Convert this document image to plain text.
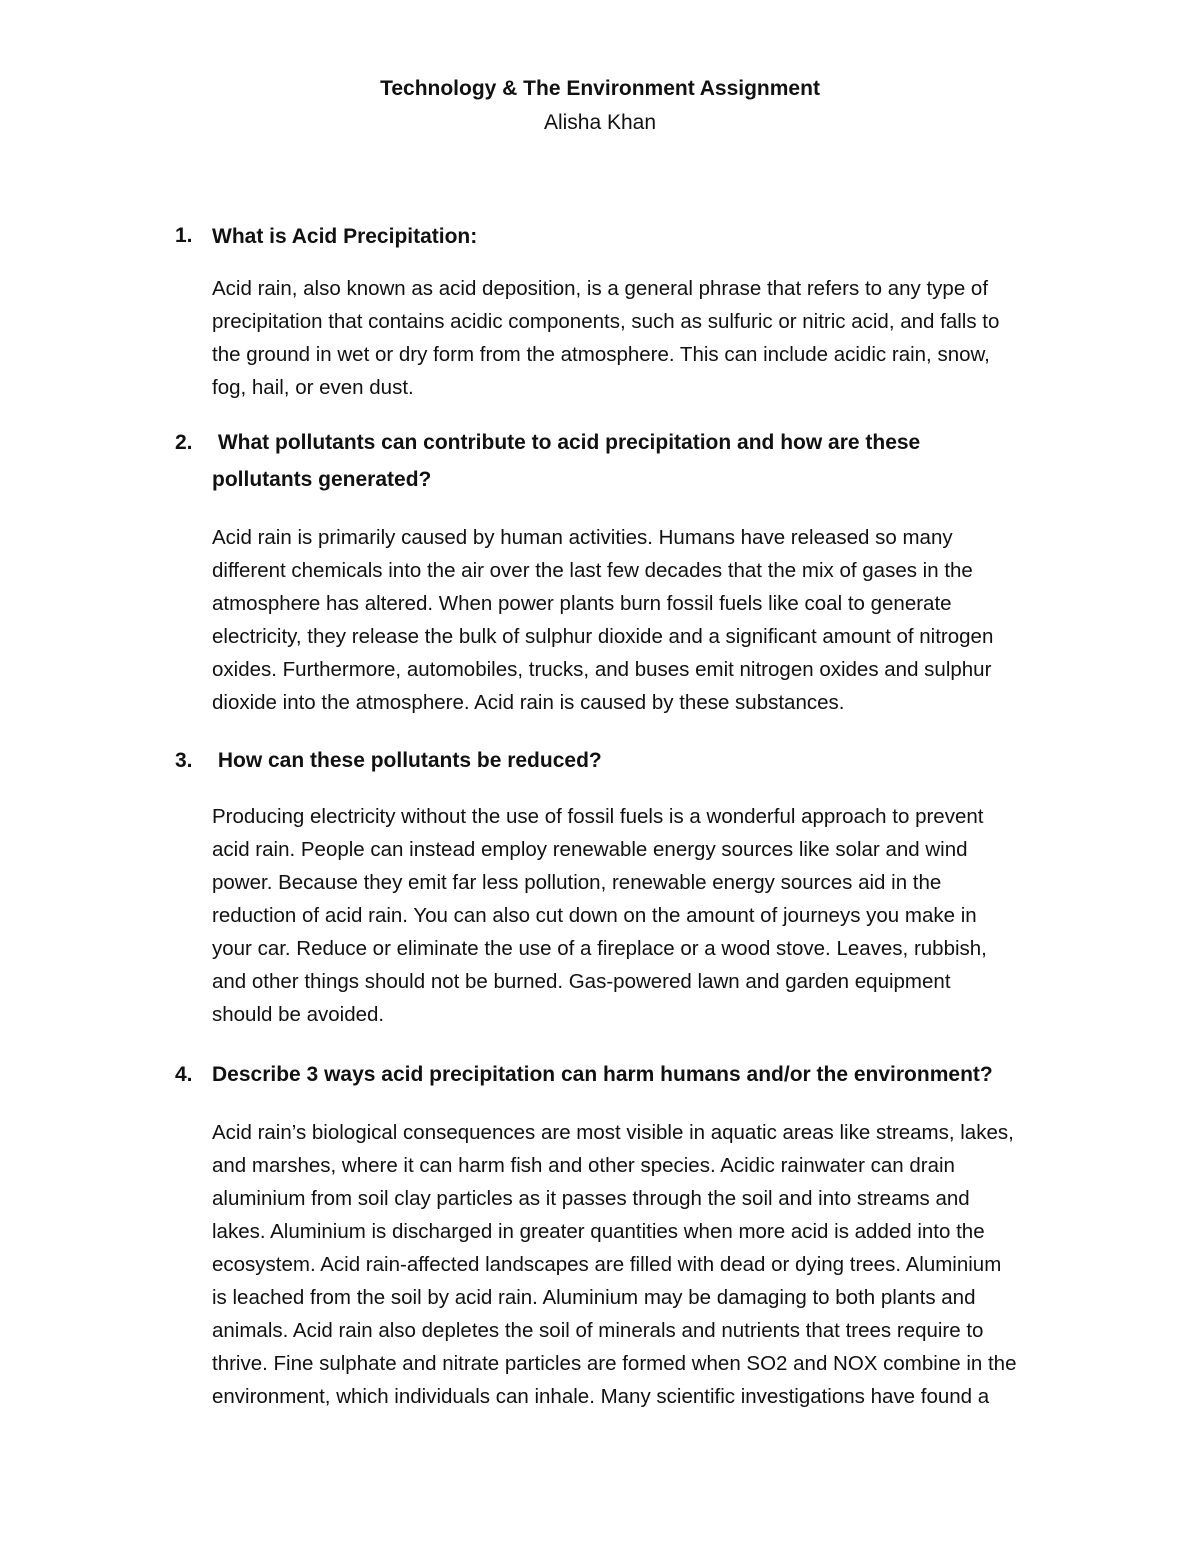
Technology & The Environment Assignment

Alisha Khan

1. What is Acid Precipitation:

Acid rain, also known as acid deposition, is a general phrase that refers to any type of
precipitation that contains acidic components, such as sulfuric or nitric acid, and falls to
the ground in wet or dry form from the atmosphere. This can include acidic rain, snow,
fog, hail, or even dust.

2. What pollutants can contribute to acid precipitation and how are these
pollutants generated?
Acid rain is primarily caused by human activities. Humans have released so many
different chemicals into the air over the last few decades that the mix of gases in the
atmosphere has altered. When power plants burn fossil fuels like coal to generate
electricity, they release the bulk of sulphur dioxide and a significant amount of nitrogen
oxides. Furthermore, automobiles, trucks, and buses emit nitrogen oxides and sulphur
dioxide into the atmosphere. Acid rain is caused by these substances.

3. How can these pollutants be reduced?

Producing electricity without the use of fossil fuels is a wonderful approach to prevent
acid rain. People can instead employ renewable energy sources like solar and wind
power. Because they emit far less pollution, renewable energy sources aid in the
reduction of acid rain. You can also cut down on the amount of journeys you make in
your car. Reduce or eliminate the use of a fireplace or a wood stove. Leaves, rubbish,
and other things should not be burned. Gas-powered lawn and garden equipment
should be avoided.

4. Describe 3 ways acid precipitation can harm humans and/or the environment?

Acid rain’s biological consequences are most visible in aquatic areas like streams, lakes,
and marshes, where it can harm fish and other species. Acidic rainwater can drain
aluminium from soil clay particles as it passes through the soil and into streams and
lakes. Aluminium is discharged in greater quantities when more acid is added into the
ecosystem. Acid rain-affected landscapes are filled with dead or dying trees. Aluminium
is leached from the soil by acid rain. Aluminium may be damaging to both plants and
animals. Acid rain also depletes the soil of minerals and nutrients that trees require to
thrive. Fine sulphate and nitrate particles are formed when SO2 and NOX combine in the
environment, which individuals can inhale. Many scientific investigations have found a
